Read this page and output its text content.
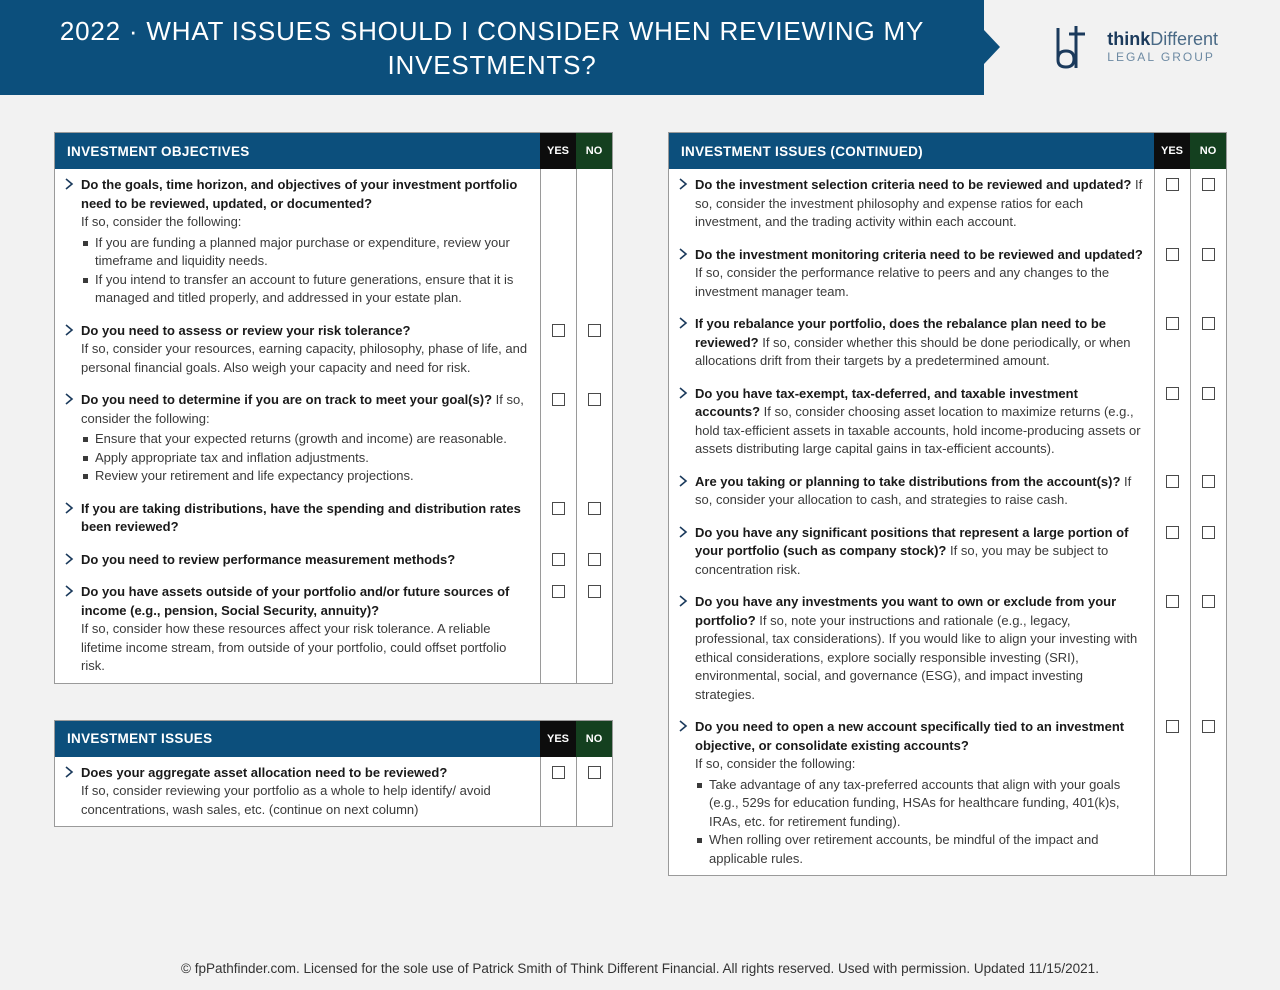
2022 · WHAT ISSUES SHOULD I CONSIDER WHEN REVIEWING MY INVESTMENTS?
thinkDifferent
LEGAL GROUP
INVESTMENT OBJECTIVES	YES	NO
Do the goals, time horizon, and objectives of your investment portfolio need to be reviewed, updated, or documented?
If so, consider the following:
If you are funding a planned major purchase or expenditure, review your timeframe and liquidity needs.
If you intend to transfer an account to future generations, ensure that it is managed and titled properly, and addressed in your estate plan.
Do you need to assess or review your risk tolerance?
If so, consider your resources, earning capacity, philosophy, phase of life, and personal financial goals. Also weigh your capacity and need for risk.
Do you need to determine if you are on track to meet your goal(s)? If so, consider the following:
Ensure that your expected returns (growth and income) are reasonable.
Apply appropriate tax and inflation adjustments.
Review your retirement and life expectancy projections.
If you are taking distributions, have the spending and distribution rates been reviewed?
Do you need to review performance measurement methods?
Do you have assets outside of your portfolio and/or future sources of income (e.g., pension, Social Security, annuity)?
If so, consider how these resources affect your risk tolerance. A reliable lifetime income stream, from outside of your portfolio, could offset portfolio risk.
INVESTMENT ISSUES	YES	NO
Does your aggregate asset allocation need to be reviewed?
If so, consider reviewing your portfolio as a whole to help identify/ avoid concentrations, wash sales, etc. (continue on next column)
INVESTMENT ISSUES (CONTINUED)	YES	NO
Do the investment selection criteria need to be reviewed and updated? If so, consider the investment philosophy and expense ratios for each investment, and the trading activity within each account.
Do the investment monitoring criteria need to be reviewed and updated? If so, consider the performance relative to peers and any changes to the investment manager team.
If you rebalance your portfolio, does the rebalance plan need to be reviewed? If so, consider whether this should be done periodically, or when allocations drift from their targets by a predetermined amount.
Do you have tax-exempt, tax-deferred, and taxable investment accounts? If so, consider choosing asset location to maximize returns (e.g., hold tax-efficient assets in taxable accounts, hold income-producing assets or assets distributing large capital gains in tax-efficient accounts).
Are you taking or planning to take distributions from the account(s)? If so, consider your allocation to cash, and strategies to raise cash.
Do you have any significant positions that represent a large portion of your portfolio (such as company stock)? If so, you may be subject to concentration risk.
Do you have any investments you want to own or exclude from your portfolio? If so, note your instructions and rationale (e.g., legacy, professional, tax considerations). If you would like to align your investing with ethical considerations, explore socially responsible investing (SRI), environmental, social, and governance (ESG), and impact investing strategies.
Do you need to open a new account specifically tied to an investment objective, or consolidate existing accounts?
If so, consider the following:
Take advantage of any tax-preferred accounts that align with your goals (e.g., 529s for education funding, HSAs for healthcare funding, 401(k)s, IRAs, etc. for retirement funding).
When rolling over retirement accounts, be mindful of the impact and applicable rules.
© fpPathfinder.com. Licensed for the sole use of Patrick Smith of Think Different Financial. All rights reserved. Used with permission. Updated 11/15/2021.
